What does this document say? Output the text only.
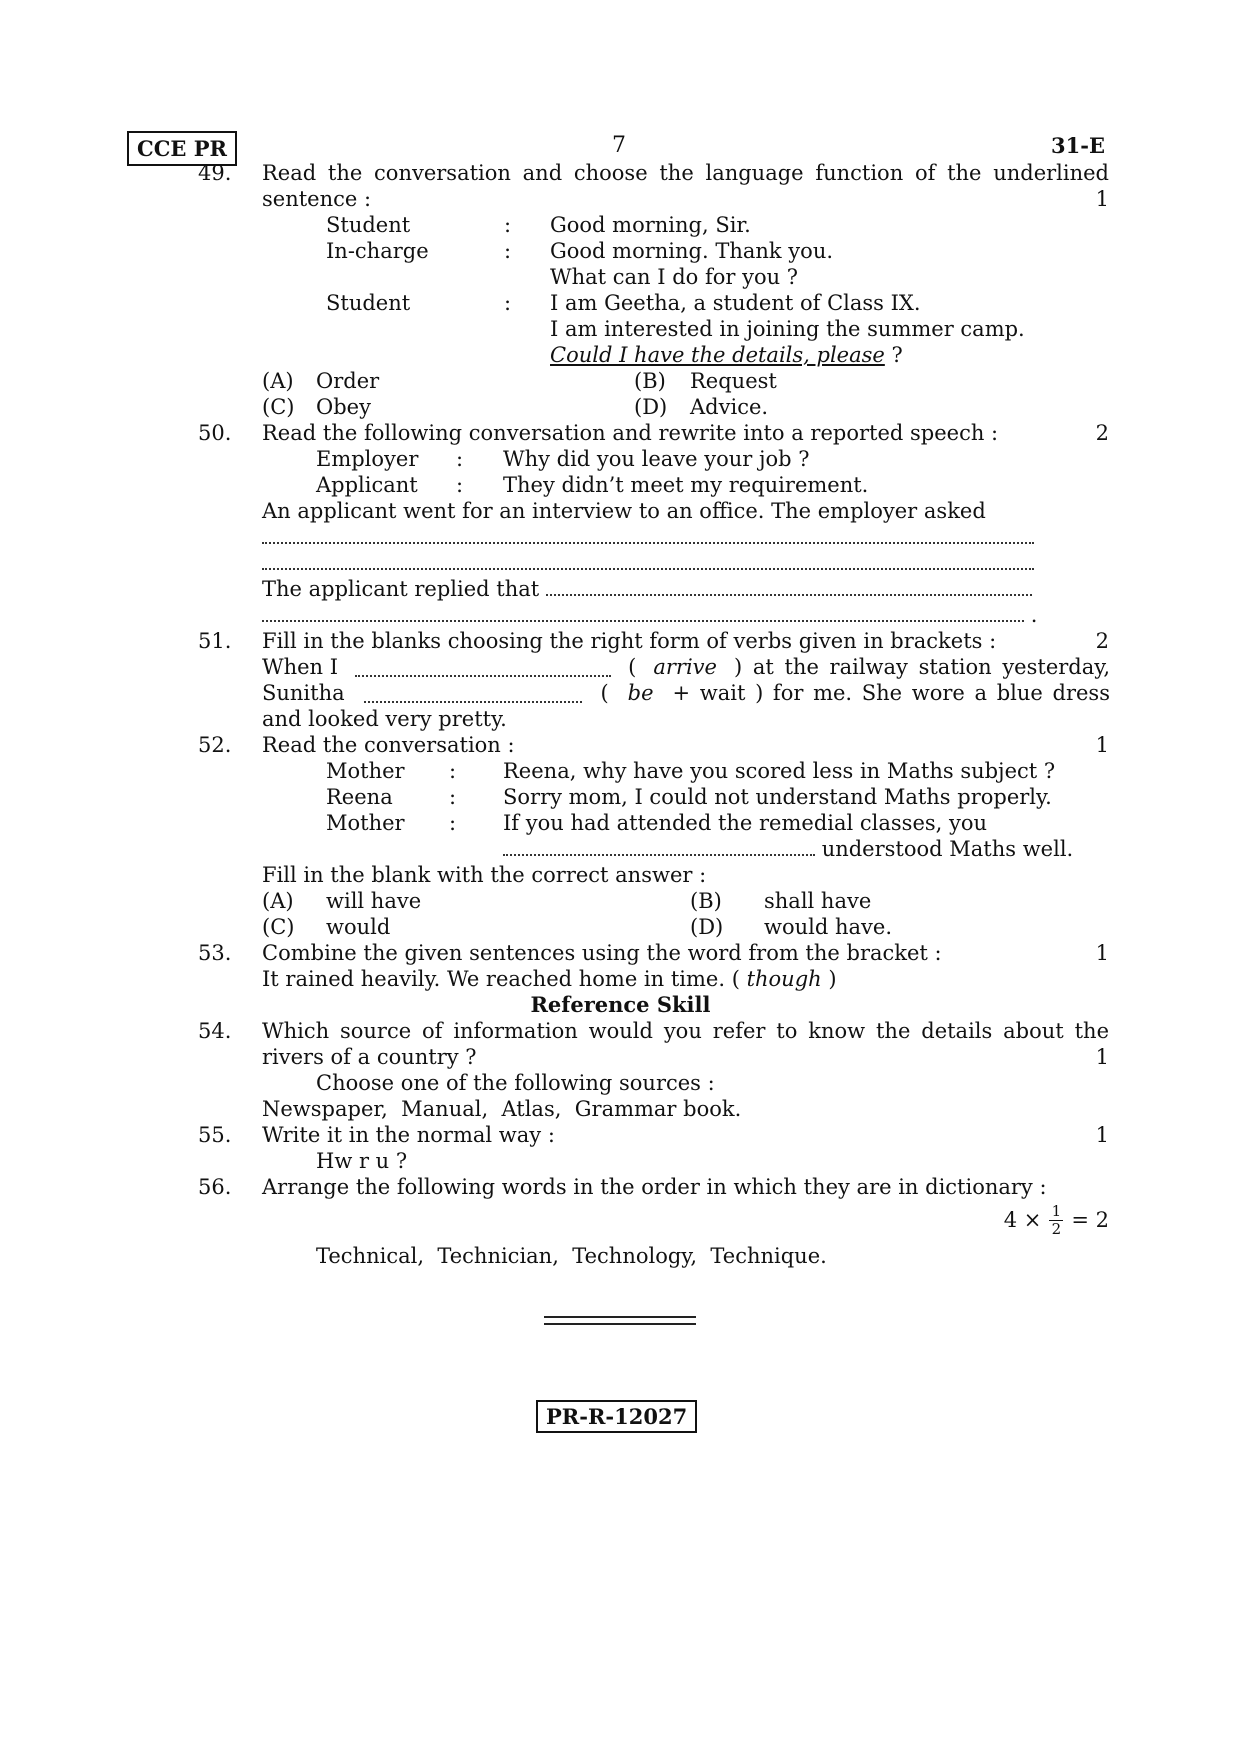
CCE PR	7	31-E
49. Read the conversation and choose the language function of the underlined
sentence :	1
Student	: Good morning, Sir.
In-charge	: Good morning. Thank you.
What can I do for you ?
Student	: I am Geetha, a student of Class IX.
I am interested in joining the summer camp.
Could I have the details, please ?
(A) Order	(B) Request
(C) Obey	(D) Advice.
50. Read the following conversation and rewrite into a reported speech :	2
Employer : Why did you leave your job ?
Applicant : They didn’t meet my requirement.
An applicant went for an interview to an office. The employer asked
The applicant replied that
.
51. Fill in the blanks choosing the right form of verbs given in brackets :	2
When I	( arrive ) at the railway station yesterday,
Sunitha	( be + wait ) for me. She wore a blue dress
and looked very pretty.
52. Read the conversation :	1
Mother : Reena, why have you scored less in Maths subject ?
Reena	: Sorry mom, I could not understand Maths properly.
Mother : If you had attended the remedial classes, you
understood Maths well.
Fill in the blank with the correct answer :
(A) will have	(B) shall have
(C) would	(D) would have.
53. Combine the given sentences using the word from the bracket :	1
It rained heavily. We reached home in time. ( though )
Reference Skill
54. Which source of information would you refer to know the details about the
rivers of a country ?	1
Choose one of the following sources :
Newspaper,  Manual,  Atlas,  Grammar book.
55. Write it in the normal way :	1
Hw r u ?
56. Arrange the following words in the order in which they are in dictionary :
4 × 1
2 = 2
Technical,  Technician,  Technology,  Technique.
PR-R-12027
